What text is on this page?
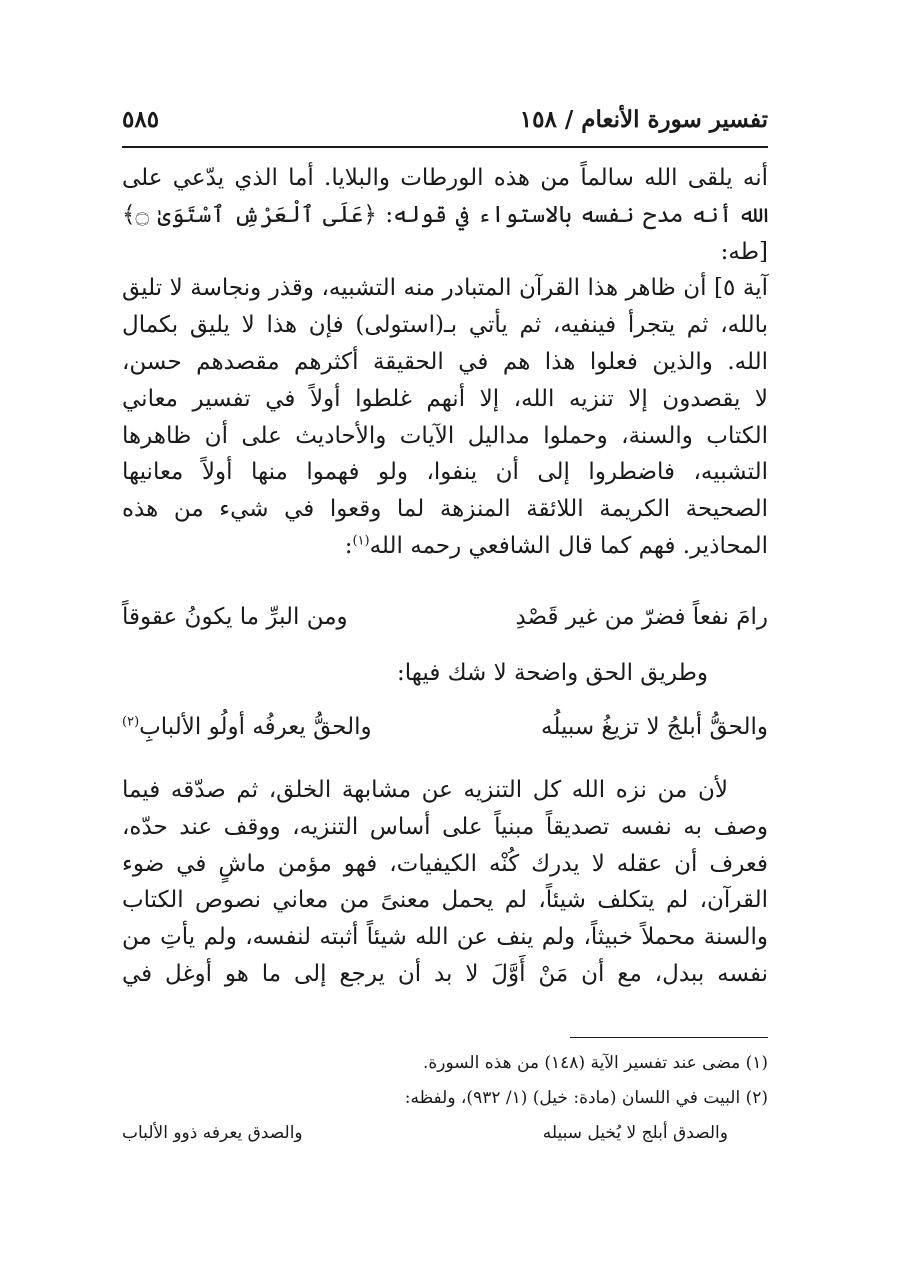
تفسير سورة الأنعام / ١٥٨
٥٨٥

أنه يلقى الله سالماً من هذه الورطات والبلايا. أما الذي يدّعي على
الله أنه مدح نفسه بالاستواء في قوله: ﴿عَلَى ٱلْعَرْشِ ٱسْتَوَىٰ ۝﴾ [طه:
آية ٥] أن ظاهر هذا القرآن المتبادر منه التشبيه، وقذر ونجاسة لا تليق
بالله، ثم يتجرأ فينفيه، ثم يأتي بـ(استولى) فإن هذا لا يليق بكمال
الله. والذين فعلوا هذا هم في الحقيقة أكثرهم مقصدهم حسن،
لا يقصدون إلا تنزيه الله، إلا أنهم غلطوا أولاً في تفسير معاني
الكتاب والسنة، وحملوا مداليل الآيات والأحاديث على أن ظاهرها
التشبيه، فاضطروا إلى أن ينفوا، ولو فهموا منها أولاً معانيها
الصحيحة الكريمة اللائقة المنزهة لما وقعوا في شيء من هذه
المحاذير. فهم كما قال الشافعي رحمه الله$^{(١)}$:

رامَ نفعاً فضرّ من غير قَصْدِ
ومن البرِّ ما يكونُ عقوقاً
وطريق الحق واضحة لا شك فيها:
والحقُّ أبلجُ لا تزيغُ سبيلُه
والحقُّ يعرفُه أولُو الألبابِ$^{(٢)}$

لأن من نزه الله كل التنزيه عن مشابهة الخلق، ثم صدّقه فيما
وصف به نفسه تصديقاً مبنياً على أساس التنزيه، ووقف عند حدّه،
فعرف أن عقله لا يدرك كُنْه الكيفيات، فهو مؤمن ماشٍ في ضوء
القرآن، لم يتكلف شيئاً، لم يحمل معنىً من معاني نصوص الكتاب
والسنة محملاً خبيثاً، ولم ينف عن الله شيئاً أثبته لنفسه، ولم يأتِ من
نفسه ببدل، مع أن مَنْ أَوَّلَ لا بد أن يرجع إلى ما هو أوغل في

(١) مضى عند تفسير الآية (١٤٨) من هذه السورة.
(٢) البيت في اللسان (مادة: خيل) (١/ ٩٣٢)، ولفظه:
والصدق أبلج لا يُخيل سبيله
والصدق يعرفه ذوو الألباب
